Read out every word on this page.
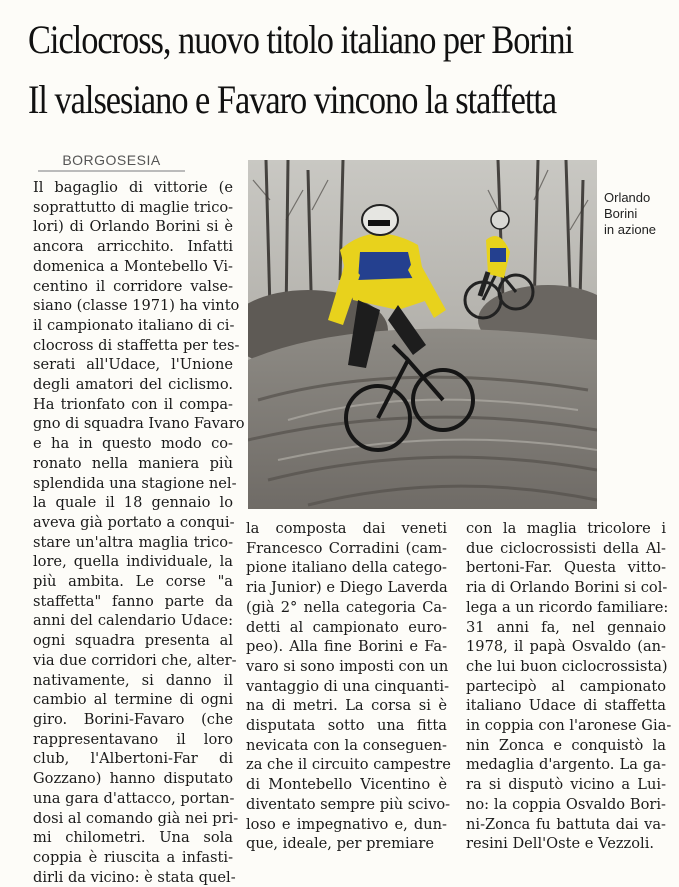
Ciclocross, nuovo titolo italiano per Borini
Il valsesiano e Favaro vincono la staffetta
BORGOSESIA
Il bagaglio di vittorie (e
soprattutto di maglie trico-
lori) di Orlando Borini si è
ancora arricchito. Infatti
domenica a Montebello Vi-
centino il corridore valse-
siano (classe 1971) ha vinto
il campionato italiano di ci-
clocross di staffetta per tes-
serati all'Udace, l'Unione
degli amatori del ciclismo.
Ha trionfato con il compa-
gno di squadra Ivano Favaro
e ha in questo modo co-
ronato nella maniera più
splendida una stagione nel-
la quale il 18 gennaio lo
aveva già portato a conqui-
stare un'altra maglia trico-
lore, quella individuale, la
più ambita. Le corse "a
staffetta" fanno parte da
anni del calendario Udace:
ogni squadra presenta al
via due corridori che, alter-
nativamente, si danno il
cambio al termine di ogni
giro. Borini-Favaro (che
rappresentavano il loro
club, l'Albertoni-Far di
Gozzano) hanno disputato
una gara d'attacco, portan-
dosi al comando già nei pri-
mi chilometri. Una sola
coppia è riuscita a infasti-
dirli da vicino: è stata quel-
la composta dai veneti
Francesco Corradini (cam-
pione italiano della catego-
ria Junior) e Diego Laverda
(già 2° nella categoria Ca-
detti al campionato euro-
peo). Alla fine Borini e Fa-
varo si sono imposti con un
vantaggio di una cinquanti-
na di metri. La corsa si è
disputata sotto una fitta
nevicata con la conseguen-
za che il circuito campestre
di Montebello Vicentino è
diventato sempre più scivo-
loso e impegnativo e, dun-
que, ideale, per premiare
con la maglia tricolore i
due ciclocrossisti della Al-
bertoni-Far. Questa vitto-
ria di Orlando Borini si col-
lega a un ricordo familiare:
31 anni fa, nel gennaio
1978, il papà Osvaldo (an-
che lui buon ciclocrossista)
partecipò al campionato
italiano Udace di staffetta
in coppia con l'aronese Gia-
nin Zonca e conquistò la
medaglia d'argento. La ga-
ra si disputò vicino a Lui-
no: la coppia Osvaldo Bori-
ni-Zonca fu battuta dai va-
resini Dell'Oste e Vezzoli.
Orlando
Borini
in azione
